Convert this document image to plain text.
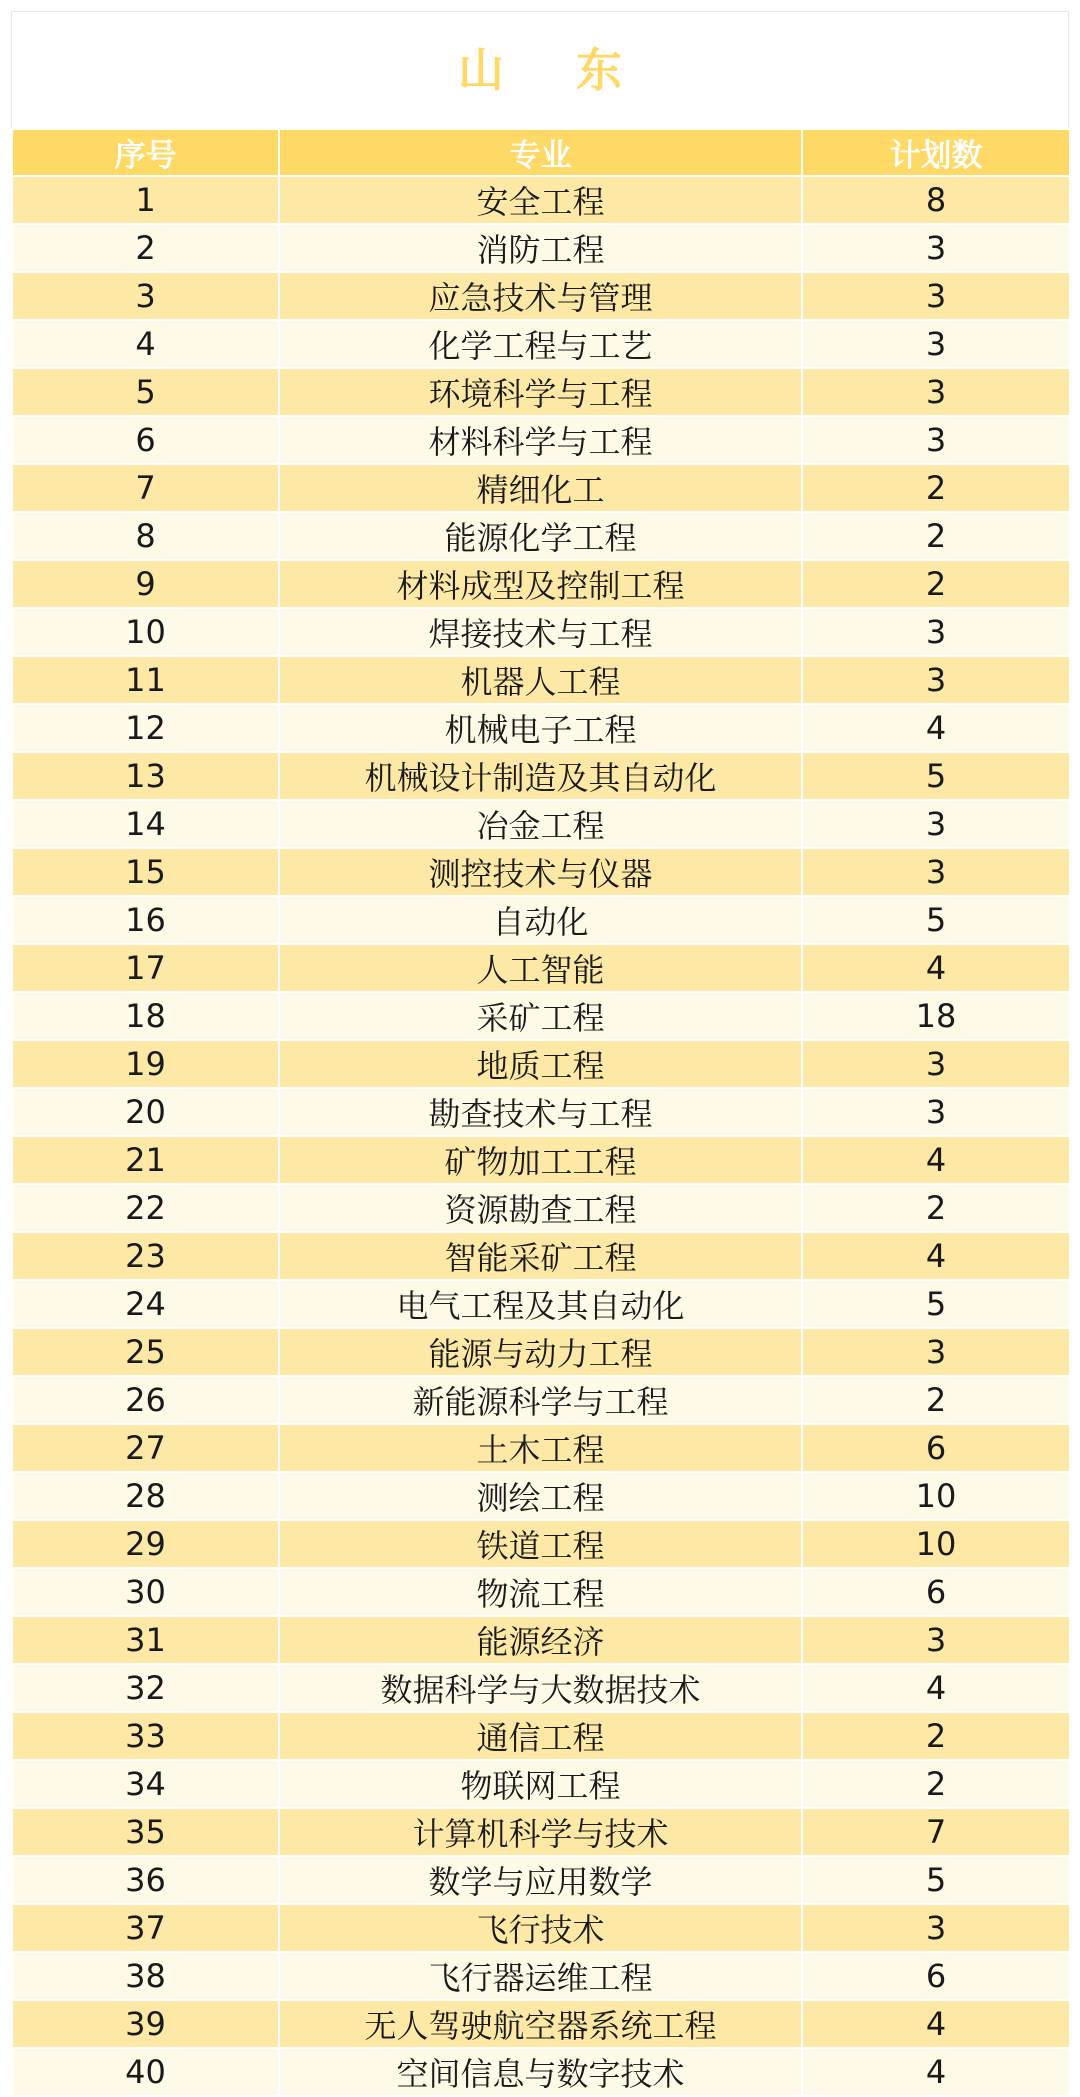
山 东
序号	专业	计划数
1	安全工程	8
2	消防工程	3
3	应急技术与管理	3
4	化学工程与工艺	3
5	环境科学与工程	3
6	材料科学与工程	3
7	精细化工	2
8	能源化学工程	2
9	材料成型及控制工程	2
10	焊接技术与工程	3
11	机器人工程	3
12	机械电子工程	4
13	机械设计制造及其自动化	5
14	冶金工程	3
15	测控技术与仪器	3
16	自动化	5
17	人工智能	4
18	采矿工程	18
19	地质工程	3
20	勘查技术与工程	3
21	矿物加工工程	4
22	资源勘查工程	2
23	智能采矿工程	4
24	电气工程及其自动化	5
25	能源与动力工程	3
26	新能源科学与工程	2
27	土木工程	6
28	测绘工程	10
29	铁道工程	10
30	物流工程	6
31	能源经济	3
32	数据科学与大数据技术	4
33	通信工程	2
34	物联网工程	2
35	计算机科学与技术	7
36	数学与应用数学	5
37	飞行技术	3
38	飞行器运维工程	6
39	无人驾驶航空器系统工程	4
40	空间信息与数字技术	4
